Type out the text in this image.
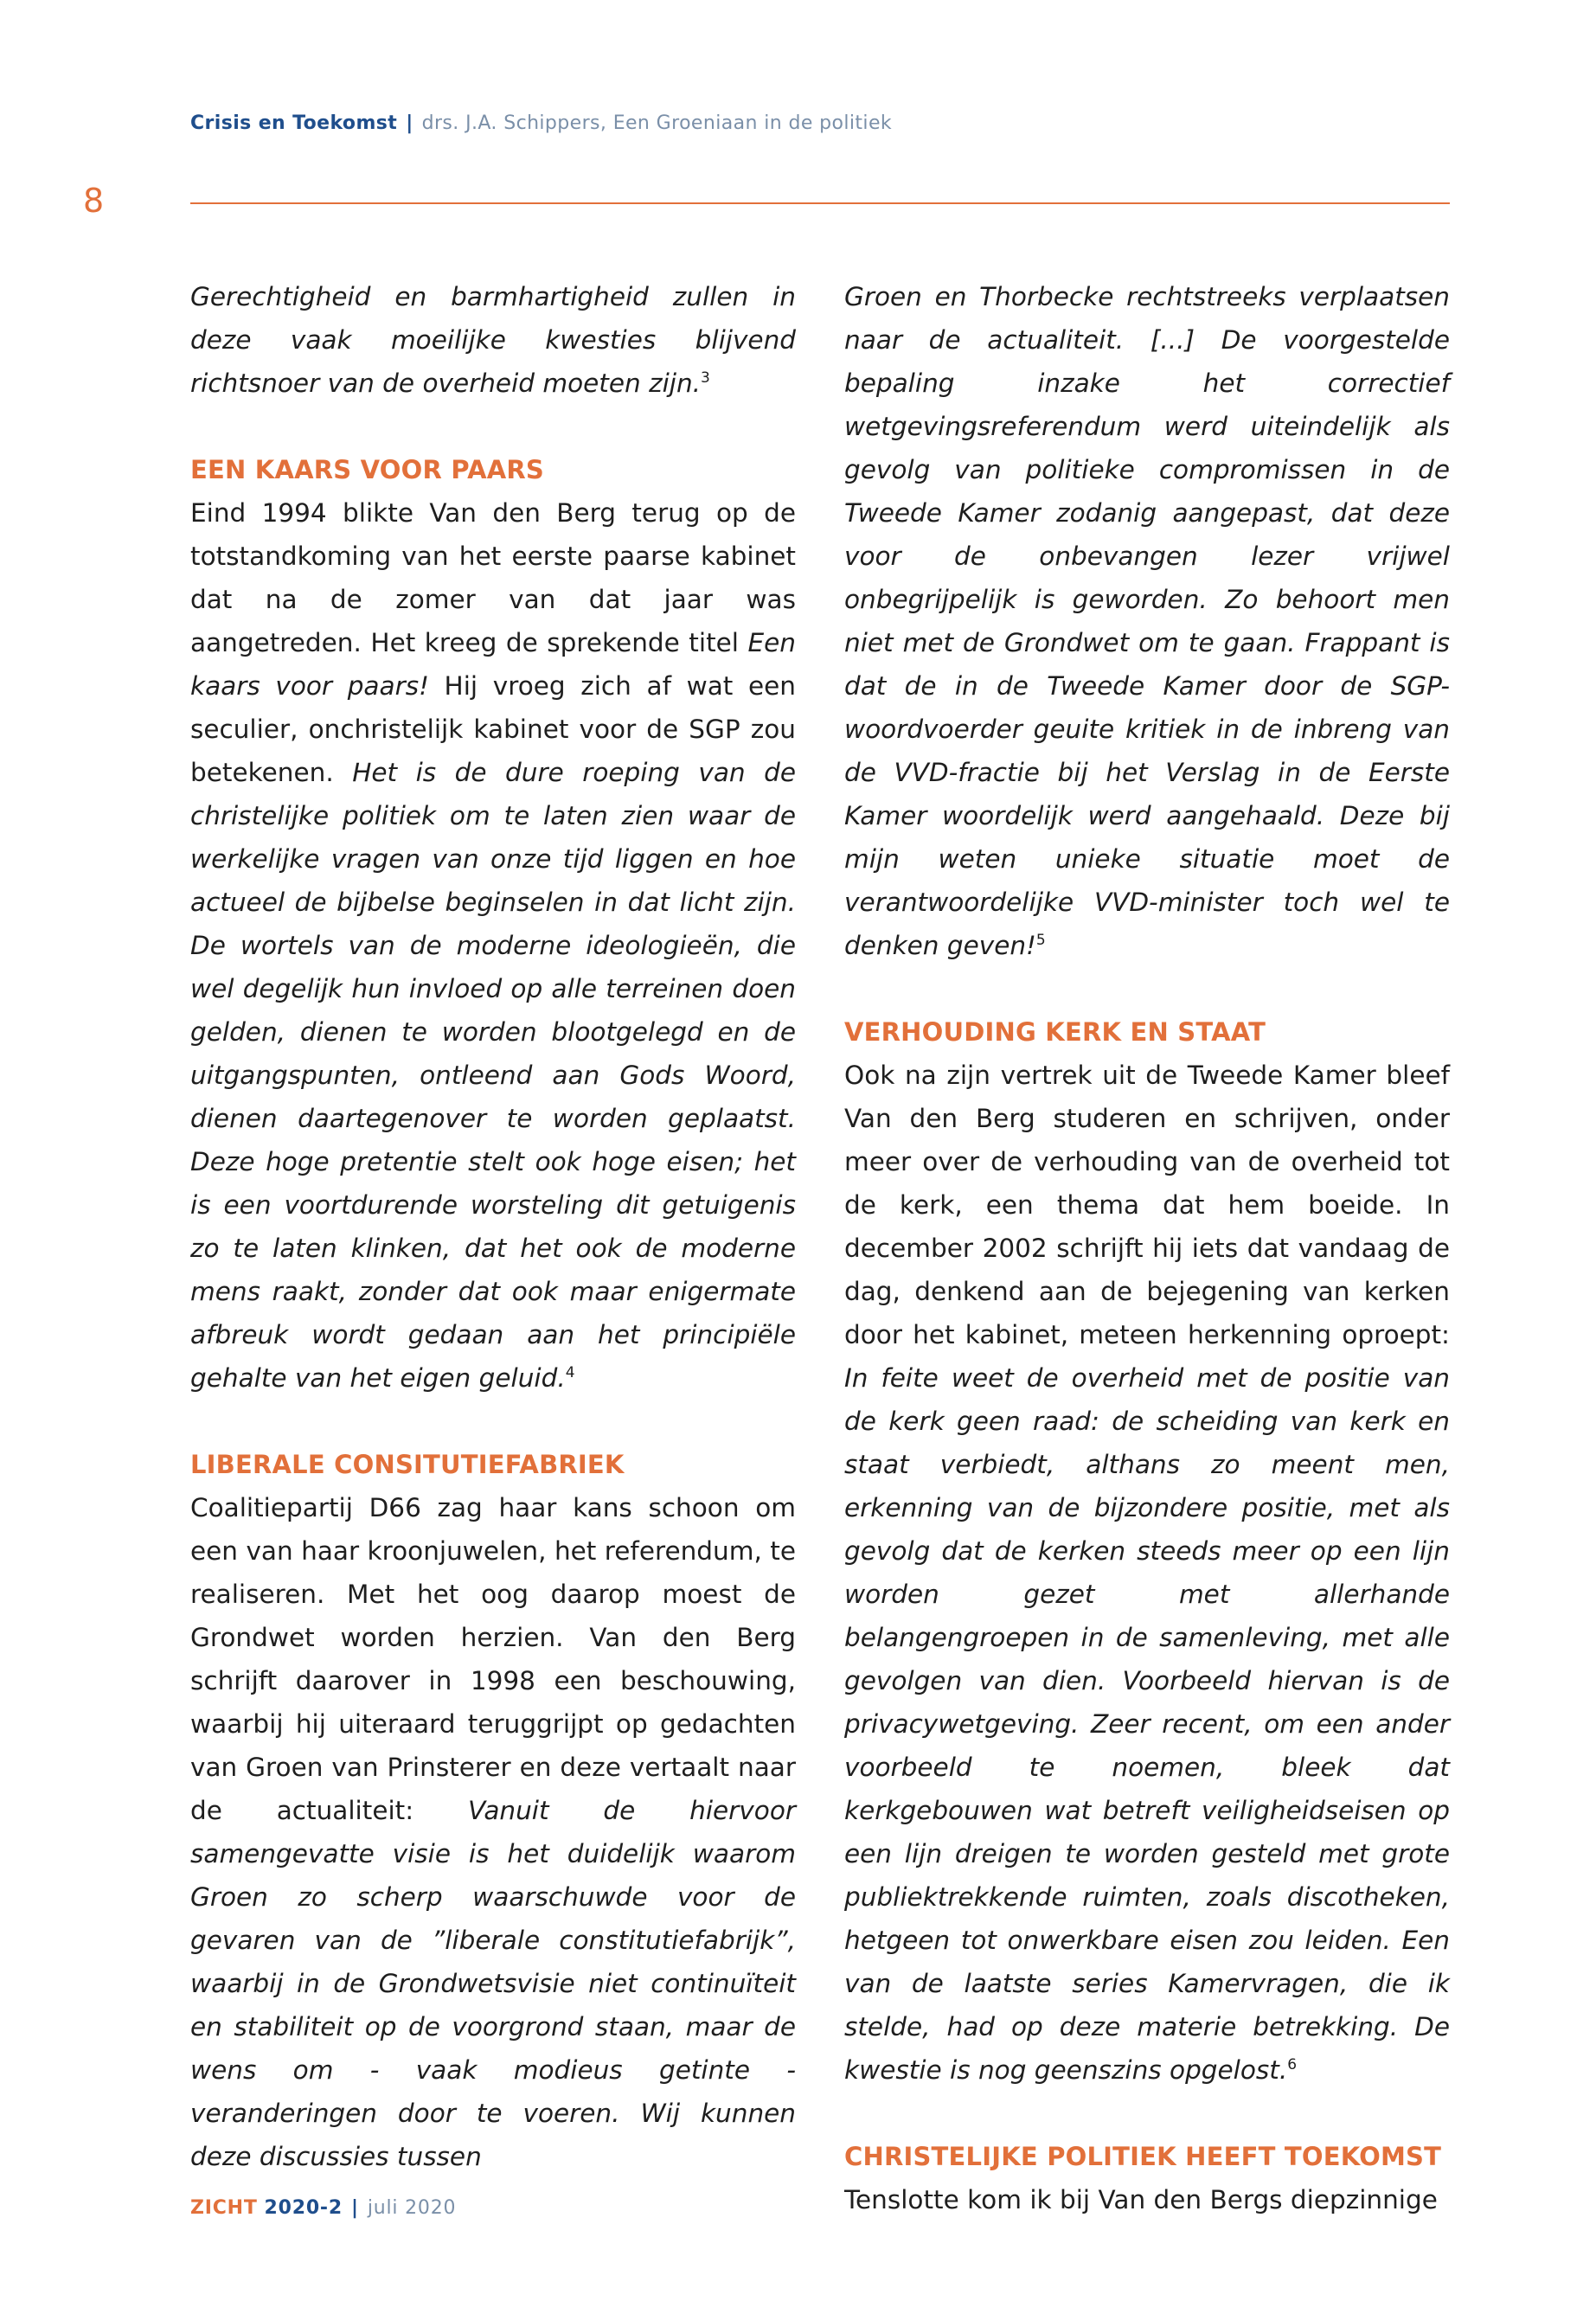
Crisis en Toekomst | drs. J.A. Schippers, Een Groeniaan in de politiek
8

Gerechtigheid en barmhartigheid zullen in deze vaak moeilijke kwesties blijvend richtsnoer van de overheid moeten zijn.$^3$

EEN KAARS VOOR PAARS

Eind 1994 blikte Van den Berg terug op de totstandkoming van het eerste paarse kabinet dat na de zomer van dat jaar was aangetreden. Het kreeg de sprekende titel Een kaars voor paars! Hij vroeg zich af wat een seculier, onchristelijk kabinet voor de SGP zou betekenen. Het is de dure roeping van de christelijke politiek om te laten zien waar de werkelijke vragen van onze tijd liggen en hoe actueel de bijbelse beginselen in dat licht zijn. De wortels van de moderne ideologieën, die wel degelijk hun invloed op alle terreinen doen gelden, dienen te worden blootgelegd en de uitgangspunten, ontleend aan Gods Woord, dienen daartegenover te worden geplaatst. Deze hoge pretentie stelt ook hoge eisen; het is een voortdurende worsteling dit getuigenis zo te laten klinken, dat het ook de moderne mens raakt, zonder dat ook maar enigermate afbreuk wordt gedaan aan het principiële gehalte van het eigen geluid.$^4$

LIBERALE CONSITUTIEFABRIEK

Coalitiepartij D66 zag haar kans schoon om een van haar kroonjuwelen, het referendum, te realiseren. Met het oog daarop moest de Grondwet worden herzien. Van den Berg schrijft daarover in 1998 een beschouwing, waarbij hij uiteraard teruggrijpt op gedachten van Groen van Prinsterer en deze vertaalt naar de actualiteit: Vanuit de hiervoor samengevatte visie is het duidelijk waarom Groen zo scherp waarschuwde voor de gevaren van de ”liberale constitutiefabrijk”, waarbij in de Grondwetsvisie niet continuïteit en stabiliteit op de voorgrond staan, maar de wens om - vaak modieus getinte - veranderingen door te voeren. Wij kunnen deze discussies tussen

Groen en Thorbecke rechtstreeks verplaatsen naar de actualiteit. [...] De voorgestelde bepaling inzake het correctief wetgevingsreferendum werd uiteindelijk als gevolg van politieke compromissen in de Tweede Kamer zodanig aangepast, dat deze voor de onbevangen lezer vrijwel onbegrijpelijk is geworden. Zo behoort men niet met de Grondwet om te gaan. Frappant is dat de in de Tweede Kamer door de SGP-woordvoerder geuite kritiek in de inbreng van de VVD-fractie bij het Verslag in de Eerste Kamer woordelijk werd aangehaald. Deze bij mijn weten unieke situatie moet de verantwoordelijke VVD-minister toch wel te denken geven!$^5$

VERHOUDING KERK EN STAAT

Ook na zijn vertrek uit de Tweede Kamer bleef Van den Berg studeren en schrijven, onder meer over de verhouding van de overheid tot de kerk, een thema dat hem boeide. In december 2002 schrijft hij iets dat vandaag de dag, denkend aan de bejegening van kerken door het kabinet, meteen herkenning oproept: In feite weet de overheid met de positie van de kerk geen raad: de scheiding van kerk en staat verbiedt, althans zo meent men, erkenning van de bijzondere positie, met als gevolg dat de kerken steeds meer op een lijn worden gezet met allerhande belangengroepen in de samenleving, met alle gevolgen van dien. Voorbeeld hiervan is de privacywetgeving. Zeer recent, om een ander voorbeeld te noemen, bleek dat kerkgebouwen wat betreft veiligheidseisen op een lijn dreigen te worden gesteld met grote publiektrekkende ruimten, zoals discotheken, hetgeen tot onwerkbare eisen zou leiden. Een van de laatste series Kamervragen, die ik stelde, had op deze materie betrekking. De kwestie is nog geenszins opgelost.$^6$

CHRISTELIJKE POLITIEK HEEFT TOEKOMST

Tenslotte kom ik bij Van den Bergs diepzinnige

ZICHT 2020-2 | juli 2020
